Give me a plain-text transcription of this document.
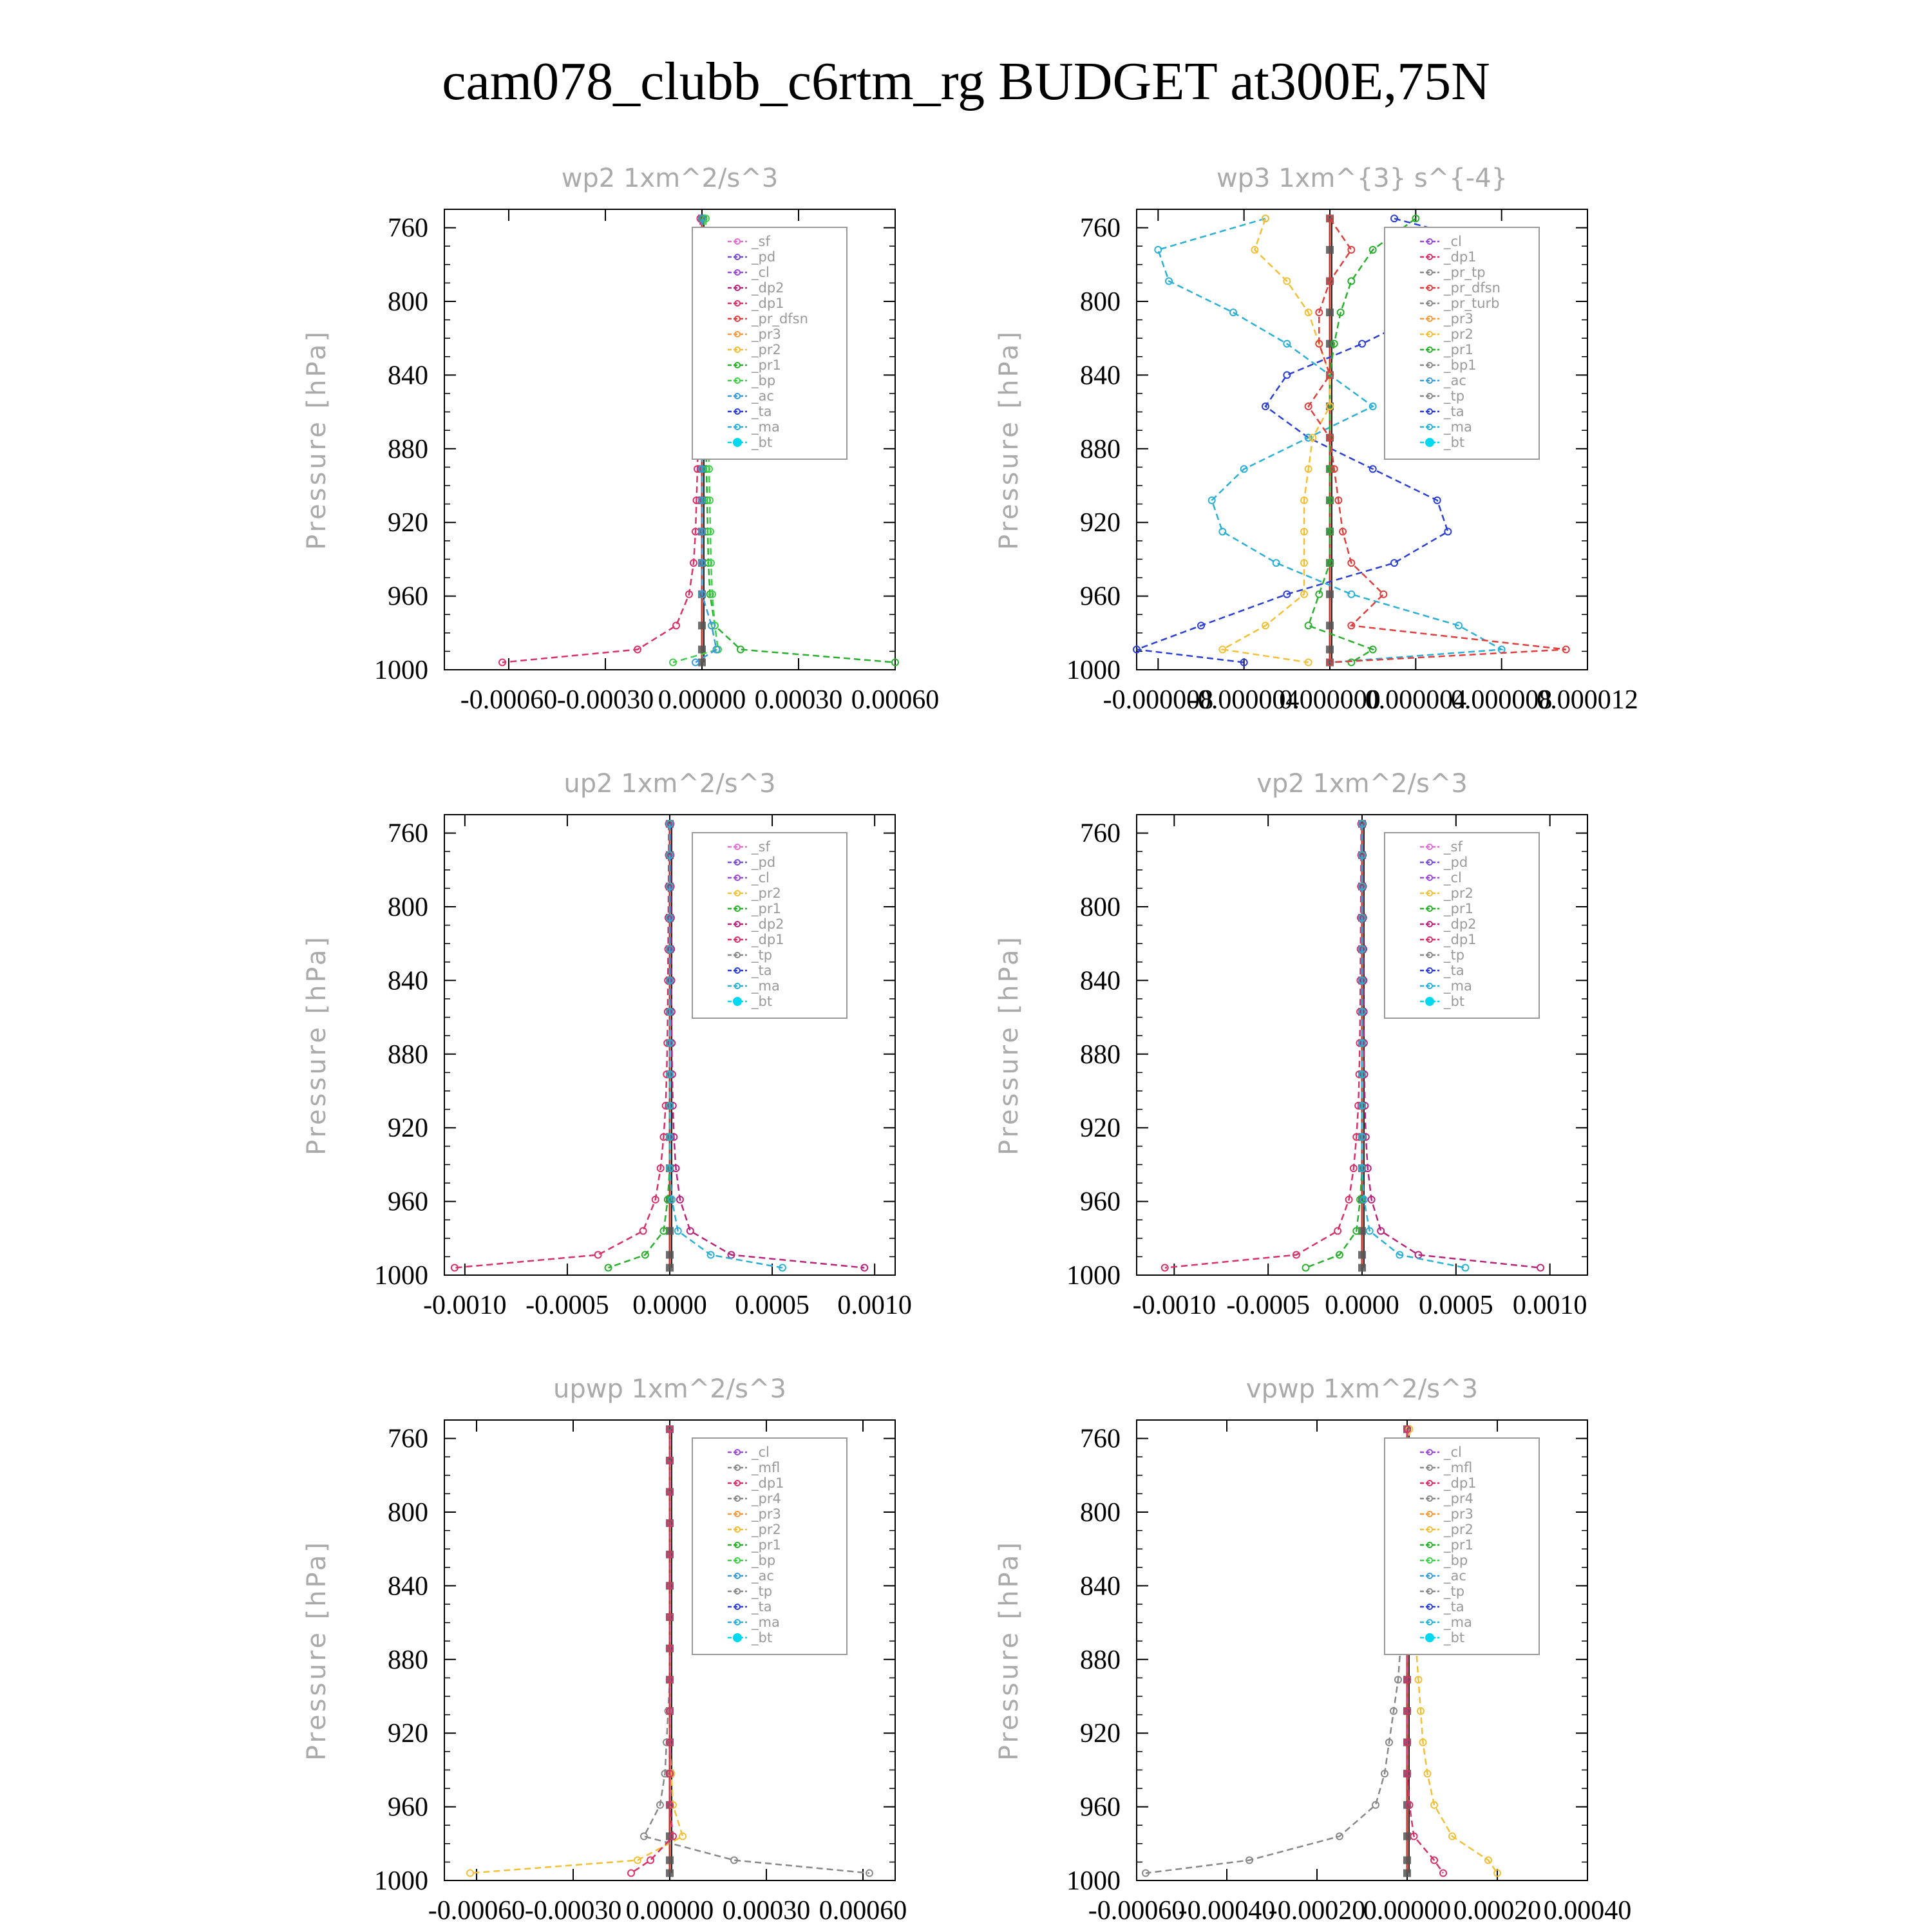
cam078_clubb_c6rtm_rg BUDGET at300E,75N
wp2 1xm^2/s^3
Pressure [hPa]
760
800
840
880
920
960
1000
-0.00060 -0.00030 0.00000 0.00030 0.00060
_sf
_pd
_cl
_dp2
_dp1
_pr_dfsn
_pr3
_pr2
_pr1
_bp
_ac
_ta
_ma
_bt
wp3 1xm^{3} s^{-4}
Pressure [hPa]
760
800
840
880
920
960
1000
-0.000008
-0.000004
0.000000
0.000004
0.000008
0.000012
_cl
_dp1
_pr_tp
_pr_dfsn
_pr_turb
_pr3
_pr2
_pr1
_bp1
_ac
_tp
_ta
_ma
_bt
up2 1xm^2/s^3
Pressure [hPa]
760
800
840
880
920
960
1000
-0.0010 -0.0005 0.0000 0.0005 0.0010
_sf
_pd
_cl
_pr2
_pr1
_dp2
_dp1
_tp
_ta
_ma
_bt
vp2 1xm^2/s^3
Pressure [hPa]
760
800
840
880
920
960
1000
-0.0010 -0.0005 0.0000 0.0005 0.0010
_sf
_pd
_cl
_pr2
_pr1
_dp2
_dp1
_tp
_ta
_ma
_bt
upwp 1xm^2/s^3
Pressure [hPa]
760
800
840
880
920
960
1000
-0.00060 -0.00030 0.00000 0.00030 0.00060
_cl
_mfl
_dp1
_pr4
_pr3
_pr2
_pr1
_bp
_ac
_tp
_ta
_ma
_bt
vpwp 1xm^2/s^3
Pressure [hPa]
760
800
840
880
920
960
1000
-0.00060
-0.00040
-0.00020
0.00000 0.00020 0.00040
_cl
_mfl
_dp1
_pr4
_pr3
_pr2
_pr1
_bp
_ac
_tp
_ta
_ma
_bt
